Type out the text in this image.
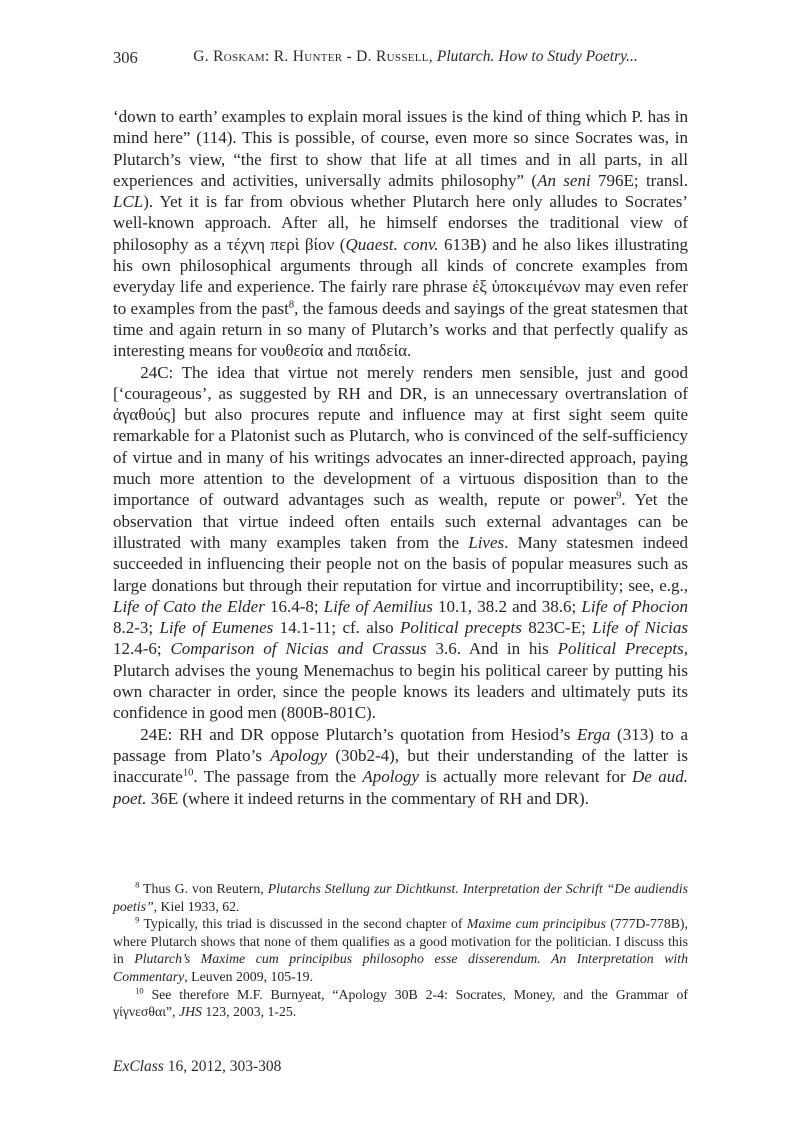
306	G. Roskam: R. Hunter - D. Russell, Plutarch. How to Study Poetry...

‘down to earth’ examples to explain moral issues is the kind of thing which P. has in mind here” (114). This is possible, of course, even more so since Socrates was, in Plutarch’s view, “the first to show that life at all times and in all parts, in all experiences and activities, universally admits philosophy” (An seni 796E; transl. LCL). Yet it is far from obvious whether Plutarch here only alludes to Socrates’ well-known approach. After all, he himself endorses the traditional view of philosophy as a τέχνη περὶ βίον (Quaest. conv. 613B) and he also likes illustrating his own philosophical arguments through all kinds of concrete examples from everyday life and experience. The fairly rare phrase ἐξ ὑποκειμένων may even refer to examples from the past$^8$, the famous deeds and sayings of the great statesmen that time and again return in so many of Plutarch’s works and that perfectly qualify as interesting means for νουθεσία and παιδεία.

24C: The idea that virtue not merely renders men sensible, just and good [‘courageous’, as suggested by RH and DR, is an unnecessary overtranslation of ἀγαθούς] but also procures repute and influence may at first sight seem quite remarkable for a Platonist such as Plutarch, who is convinced of the self-sufficiency of virtue and in many of his writings advocates an inner-directed approach, paying much more attention to the development of a virtuous disposition than to the importance of outward advantages such as wealth, repute or power$^9$. Yet the observation that virtue indeed often entails such external advantages can be illustrated with many examples taken from the Lives. Many statesmen indeed succeeded in influencing their people not on the basis of popular measures such as large donations but through their reputation for virtue and incorruptibility; see, e.g., Life of Cato the Elder 16.4-8; Life of Aemilius 10.1, 38.2 and 38.6; Life of Phocion 8.2-3; Life of Eumenes 14.1-11; cf. also Political precepts 823C-E; Life of Nicias 12.4-6; Comparison of Nicias and Crassus 3.6. And in his Political Precepts, Plutarch advises the young Menemachus to begin his political career by putting his own character in order, since the people knows its leaders and ultimately puts its confidence in good men (800B-801C).

24E: RH and DR oppose Plutarch’s quotation from Hesiod’s Erga (313) to a passage from Plato’s Apology (30b2-4), but their understanding of the latter is inaccurate$^{10}$. The passage from the Apology is actually more relevant for De aud. poet. 36E (where it indeed returns in the commentary of RH and DR).

$^8$ Thus G. von Reutern, Plutarchs Stellung zur Dichtkunst. Interpretation der Schrift “De audiendis poetis”, Kiel 1933, 62.

$^9$ Typically, this triad is discussed in the second chapter of Maxime cum principibus (777D-778B), where Plutarch shows that none of them qualifies as a good motivation for the politician. I discuss this in Plutarch’s Maxime cum principibus philosopho esse disserendum. An Interpretation with Commentary, Leuven 2009, 105-19.

$^{10}$ See therefore M.F. Burnyeat, “Apology 30B 2-4: Socrates, Money, and the Grammar of γίγνεσθαι”, JHS 123, 2003, 1-25.

ExClass 16, 2012, 303-308
